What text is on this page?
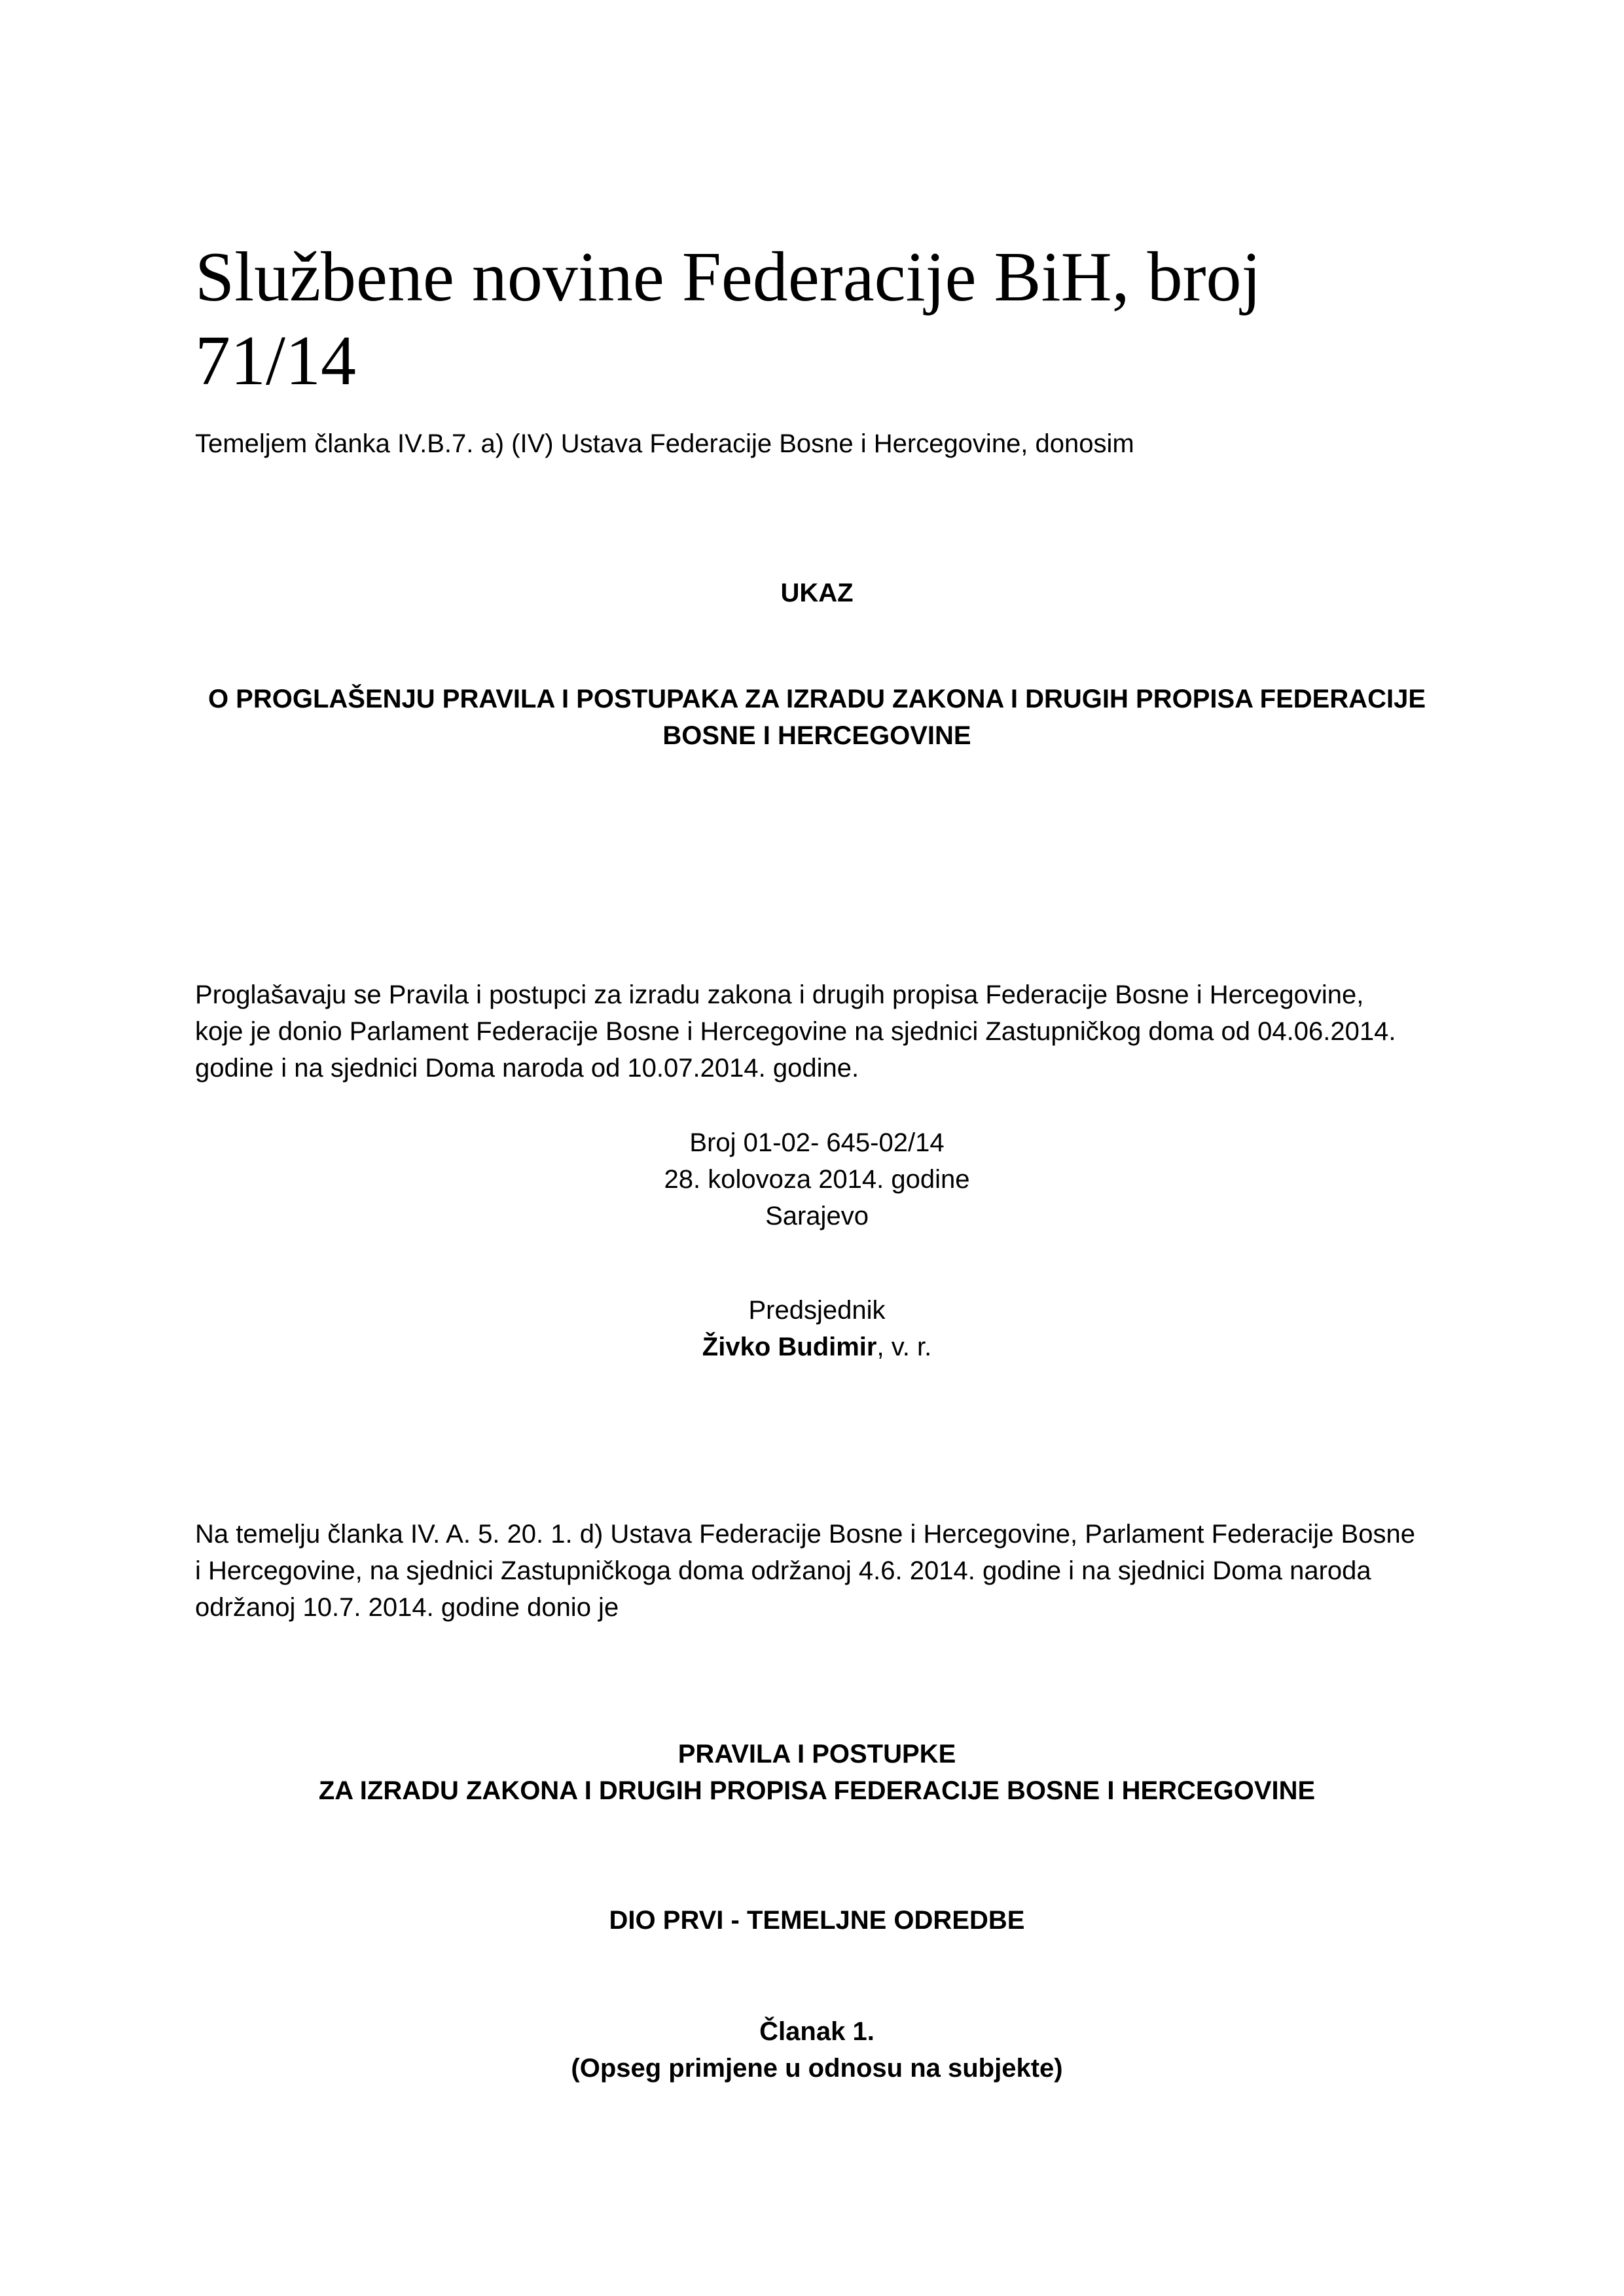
Službene novine Federacije BiH, broj
71/14
Temeljem članka IV.B.7. a) (IV) Ustava Federacije Bosne i Hercegovine, donosim
UKAZ
O PROGLAŠENJU PRAVILA I POSTUPAKA ZA IZRADU ZAKONA I DRUGIH PROPISA FEDERACIJE
BOSNE I HERCEGOVINE
Proglašavaju se Pravila i postupci za izradu zakona i drugih propisa Federacije Bosne i Hercegovine,
koje je donio Parlament Federacije Bosne i Hercegovine na sjednici Zastupničkog doma od 04.06.2014.
godine i na sjednici Doma naroda od 10.07.2014. godine.
Broj 01-02- 645-02/14
28. kolovoza 2014. godine
Sarajevo
Predsjednik
Živko Budimir, v. r.
Na temelju članka IV. A. 5. 20. 1. d) Ustava Federacije Bosne i Hercegovine, Parlament Federacije Bosne
i Hercegovine, na sjednici Zastupničkoga doma održanoj 4.6. 2014. godine i na sjednici Doma naroda
održanoj 10.7. 2014. godine donio je
PRAVILA I POSTUPKE
ZA IZRADU ZAKONA I DRUGIH PROPISA FEDERACIJE BOSNE I HERCEGOVINE
DIO PRVI - TEMELJNE ODREDBE
Članak 1.
(Opseg primjene u odnosu na subjekte)
